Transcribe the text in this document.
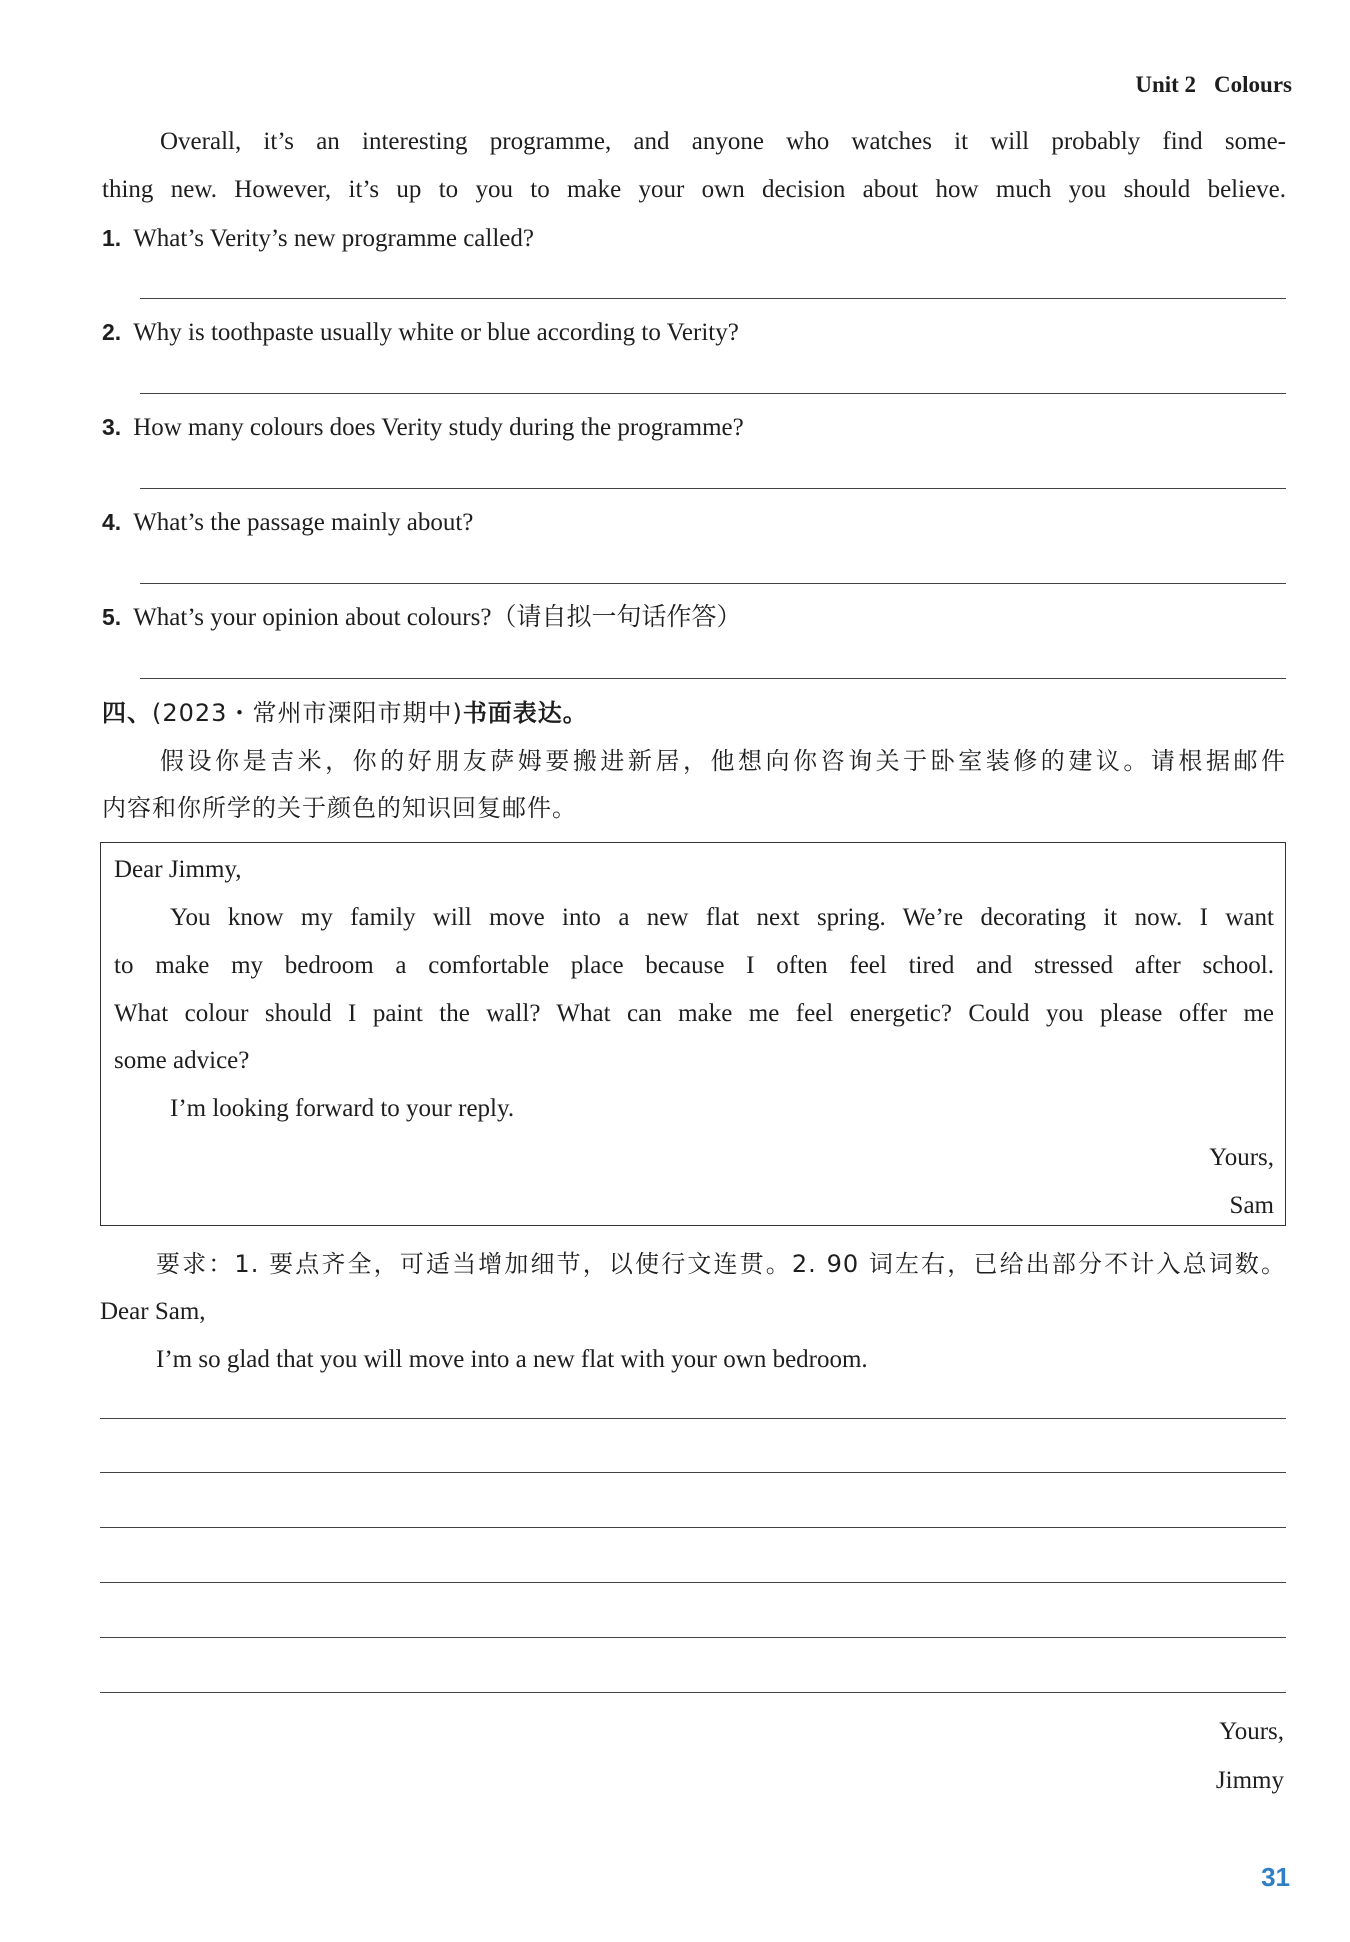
Unit 2 Colours
Overall, it’s an interesting programme, and anyone who watches it will probably find some-
thing new. However, it’s up to you to make your own decision about how much you should believe.
1. What’s Verity’s new programme called?
2. Why is toothpaste usually white or blue according to Verity?
3. How many colours does Verity study during the programme?
4. What’s the passage mainly about?
5. What’s your opinion about colours?（请自拟一句话作答）
四、(2023・常州市溧阳市期中)书面表达。
假设你是吉米，你的好朋友萨姆要搬进新居，他想向你咨询关于卧室装修的建议。请根据邮件
内容和你所学的关于颜色的知识回复邮件。
Dear Jimmy,
You know my family will move into a new flat next spring. We’re decorating it now. I want
to make my bedroom a comfortable place because I often feel tired and stressed after school.
What colour should I paint the wall? What can make me feel energetic? Could you please offer me
some advice?
I’m looking forward to your reply.
Yours,
Sam
要求：1. 要点齐全，可适当增加细节，以使行文连贯。2. 90 词左右，已给出部分不计入总词数。
Dear Sam,
I’m so glad that you will move into a new flat with your own bedroom.
Yours,
Jimmy
31
